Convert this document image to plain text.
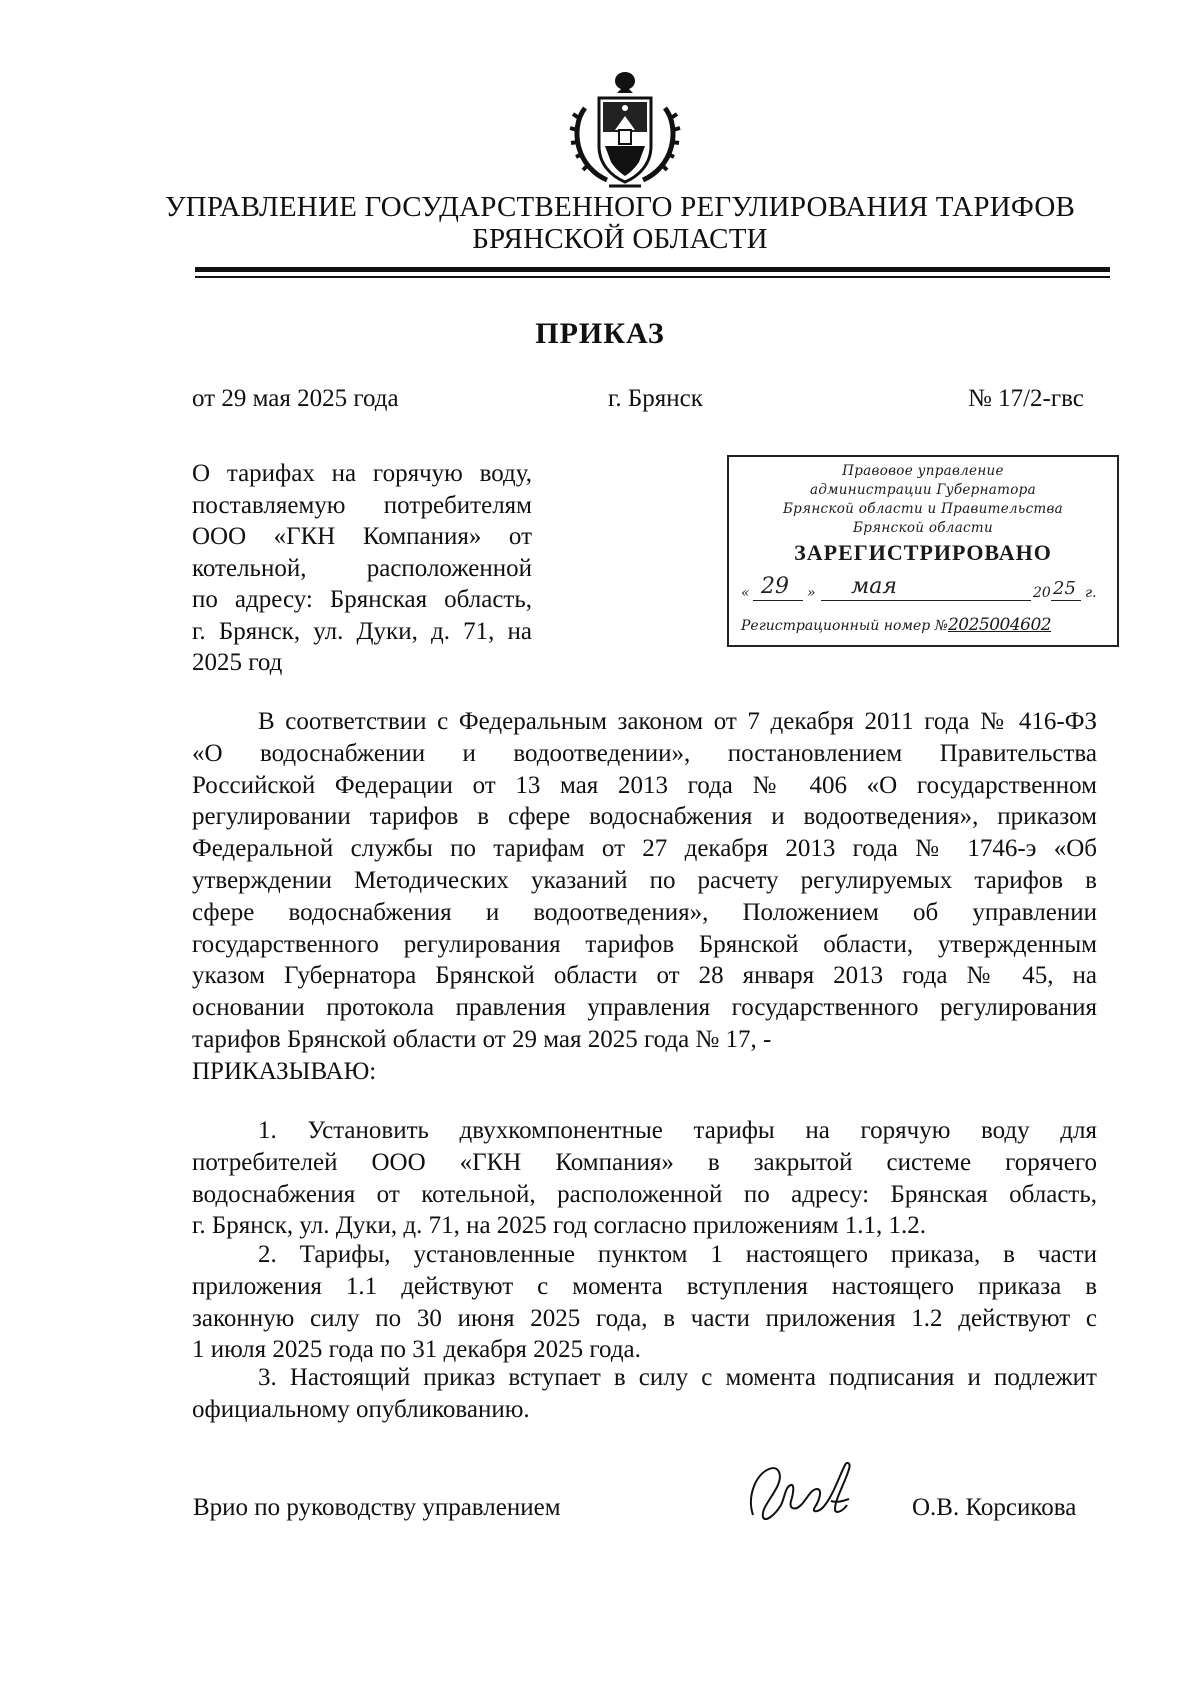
УПРАВЛЕНИЕ ГОСУДАРСТВЕННОГО РЕГУЛИРОВАНИЯ ТАРИФОВ
БРЯНСКОЙ ОБЛАСТИ
ПРИКАЗ
от 29 мая 2025 года	г. Брянск	№ 17/2-гвс
О тарифах на горячую воду,
поставляемую потребителям
ООО «ГКН Компания» от
котельной, расположенной
по адресу: Брянская область,
г. Брянск, ул. Дуки, д. 71, на
2025 год
Правовое управление
администрации Губернатора
Брянской области и Правительства
Брянской области
ЗАРЕГИСТРИРОВАНО
« 29 » мая	20 25 г.
Регистрационный номер №2025004602
В соответствии с Федеральным законом от 7 декабря 2011 года № 416-ФЗ
«О водоснабжении и водоотведении», постановлением Правительства
Российской Федерации от 13 мая 2013 года № 406 «О государственном
регулировании тарифов в сфере водоснабжения и водоотведения», приказом
Федеральной службы по тарифам от 27 декабря 2013 года № 1746-э «Об
утверждении Методических указаний по расчету регулируемых тарифов в
сфере водоснабжения и водоотведения», Положением об управлении
государственного регулирования тарифов Брянской области, утвержденным
указом Губернатора Брянской области от 28 января 2013 года № 45, на
основании протокола правления управления государственного регулирования
тарифов Брянской области от 29 мая 2025 года № 17, -
ПРИКАЗЫВАЮ:
1. Установить двухкомпонентные тарифы на горячую воду для
потребителей ООО «ГКН Компания» в закрытой системе горячего
водоснабжения от котельной, расположенной по адресу: Брянская область,
г. Брянск, ул. Дуки, д. 71, на 2025 год согласно приложениям 1.1, 1.2.
2. Тарифы, установленные пунктом 1 настоящего приказа, в части
приложения 1.1 действуют с момента вступления настоящего приказа в
законную силу по 30 июня 2025 года, в части приложения 1.2 действуют с
1 июля 2025 года по 31 декабря 2025 года.
3. Настоящий приказ вступает в силу с момента подписания и подлежит
официальному опубликованию.
Врио по руководству управлением	О.В. Корсикова
